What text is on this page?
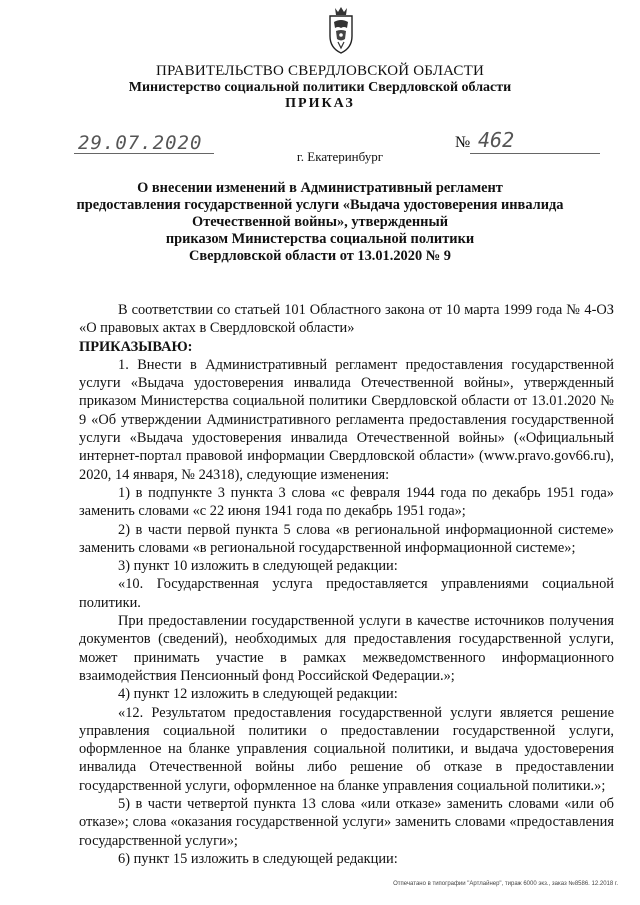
ПРАВИТЕЛЬСТВО СВЕРДЛОВСКОЙ ОБЛАСТИ
Министерство социальной политики Свердловской области
ПРИКАЗ
29.07.2020	№ 462
г. Екатеринбург
О внесении изменений в Административный регламент
предоставления государственной услуги «Выдача удостоверения инвалида
Отечественной войны», утвержденный
приказом Министерства социальной политики
Свердловской области от 13.01.2020 № 9

В соответствии со статьей 101 Областного закона от 10 марта 1999 года № 4-ОЗ «О правовых актах в Свердловской области»

ПРИКАЗЫВАЮ:

1. Внести в Административный регламент предоставления государственной услуги «Выдача удостоверения инвалида Отечественной войны», утвержденный приказом Министерства социальной политики Свердловской области от 13.01.2020 № 9 «Об утверждении Административного регламента предоставления государственной услуги «Выдача удостоверения инвалида Отечественной войны» («Официальный интернет-портал правовой информации Свердловской области» (www.pravo.gov66.ru), 2020, 14 января, № 24318), следующие изменения:

1) в подпункте 3 пункта 3 слова «с февраля 1944 года по декабрь 1951 года» заменить словами «с 22 июня 1941 года по декабрь 1951 года»;

2) в части первой пункта 5 слова «в региональной информационной системе» заменить словами «в региональной государственной информационной системе»;

3) пункт 10 изложить в следующей редакции:

«10. Государственная услуга предоставляется управлениями социальной политики.

При предоставлении государственной услуги в качестве источников получения документов (сведений), необходимых для предоставления государственной услуги, может принимать участие в рамках межведомственного информационного взаимодействия Пенсионный фонд Российской Федерации.»;

4) пункт 12 изложить в следующей редакции:

«12. Результатом предоставления государственной услуги является решение управления социальной политики о предоставлении государственной услуги, оформленное на бланке управления социальной политики, и выдача удостоверения инвалида Отечественной войны либо решение об отказе в предоставлении государственной услуги, оформленное на бланке управления социальной политики.»;

5) в части четвертой пункта 13 слова «или отказе» заменить словами «или об отказе»; слова «оказания государственной услуги» заменить словами «предоставления государственной услуги»;

6) пункт 15 изложить в следующей редакции:

Отпечатано в типографии "Артлайнер", тираж 6000 экз., заказ №8586. 12.2018 г.
